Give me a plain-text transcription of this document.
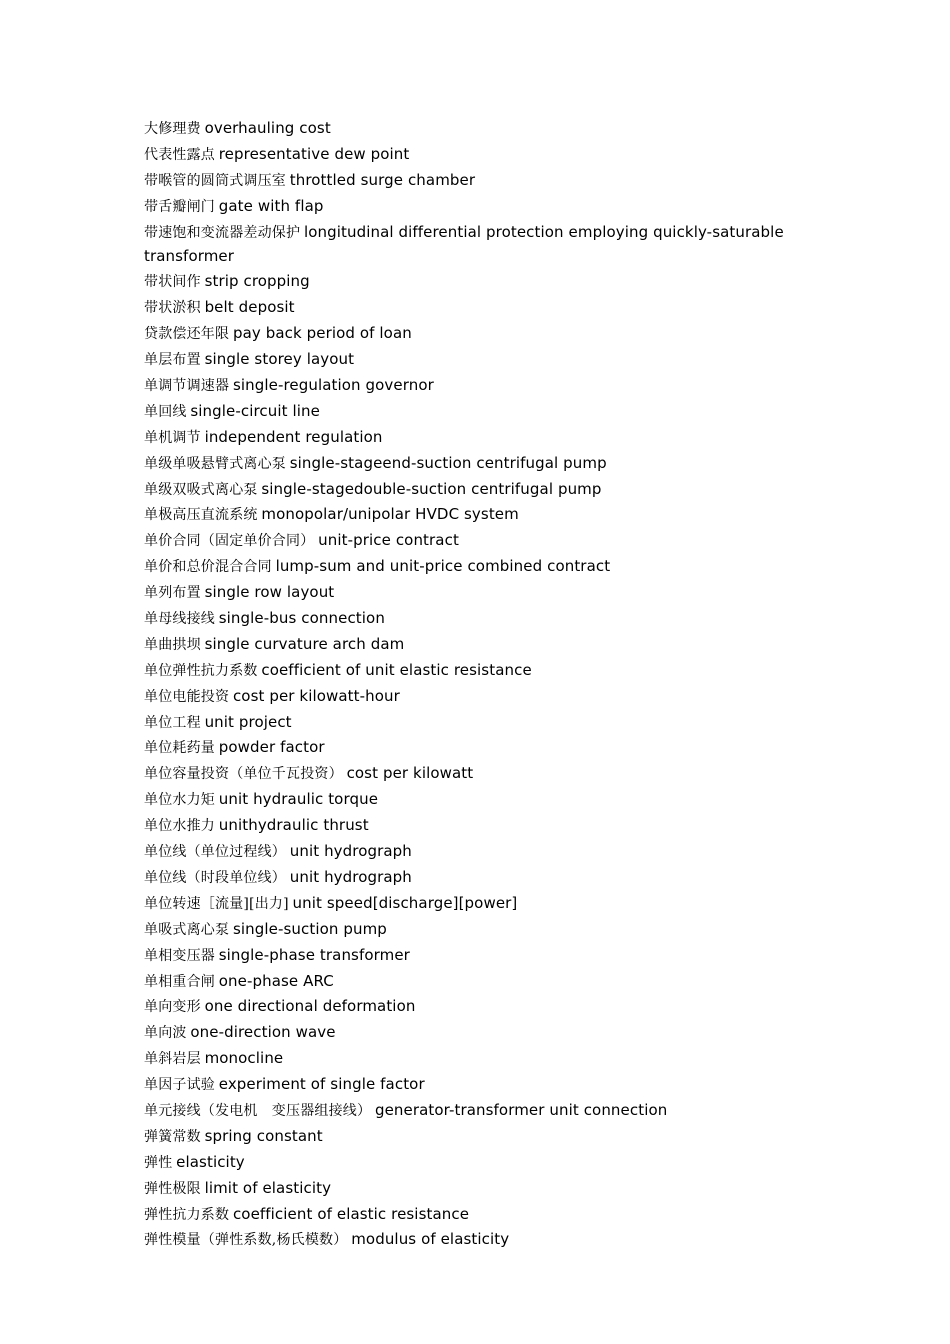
大修理费 overhauling cost
代表性露点 representative dew point
带喉管的圆筒式调压室 throttled surge chamber
带舌瓣闸门 gate with flap
带速饱和变流器差动保护 longitudinal differential protection employing quickly-saturable transformer
带状间作 strip cropping
带状淤积 belt deposit
贷款偿还年限 pay back period of loan
单层布置 single storey layout
单调节调速器 single-regulation governor
单回线 single-circuit line
单机调节 independent regulation
单级单吸悬臂式离心泵 single-stageend-suction centrifugal pump
单级双吸式离心泵 single-stagedouble-suction centrifugal pump
单极高压直流系统 monopolar/unipolar HVDC system
单价合同（固定单价合同） unit-price contract
单价和总价混合合同 lump-sum and unit-price combined contract
单列布置 single row layout
单母线接线 single-bus connection
单曲拱坝 single curvature arch dam
单位弹性抗力系数 coefficient of unit elastic resistance
单位电能投资 cost per kilowatt-hour
单位工程 unit project
单位耗药量 powder factor
单位容量投资（单位千瓦投资） cost per kilowatt
单位水力矩 unit hydraulic torque
单位水推力 unithydraulic thrust
单位线（单位过程线） unit hydrograph
单位线（时段单位线） unit hydrograph
单位转速［流量][出力] unit speed[discharge][power]
单吸式离心泵 single-suction pump
单相变压器 single-phase transformer
单相重合闸 one-phase ARC
单向变形 one directional deformation
单向波 one-direction wave
单斜岩层 monocline
单因子试验 experiment of single factor
单元接线（发电机　变压器组接线） generator-transformer unit connection
弹簧常数 spring constant
弹性 elasticity
弹性极限 limit of elasticity
弹性抗力系数 coefficient of elastic resistance
弹性模量（弹性系数,杨氏模数） modulus of elasticity
